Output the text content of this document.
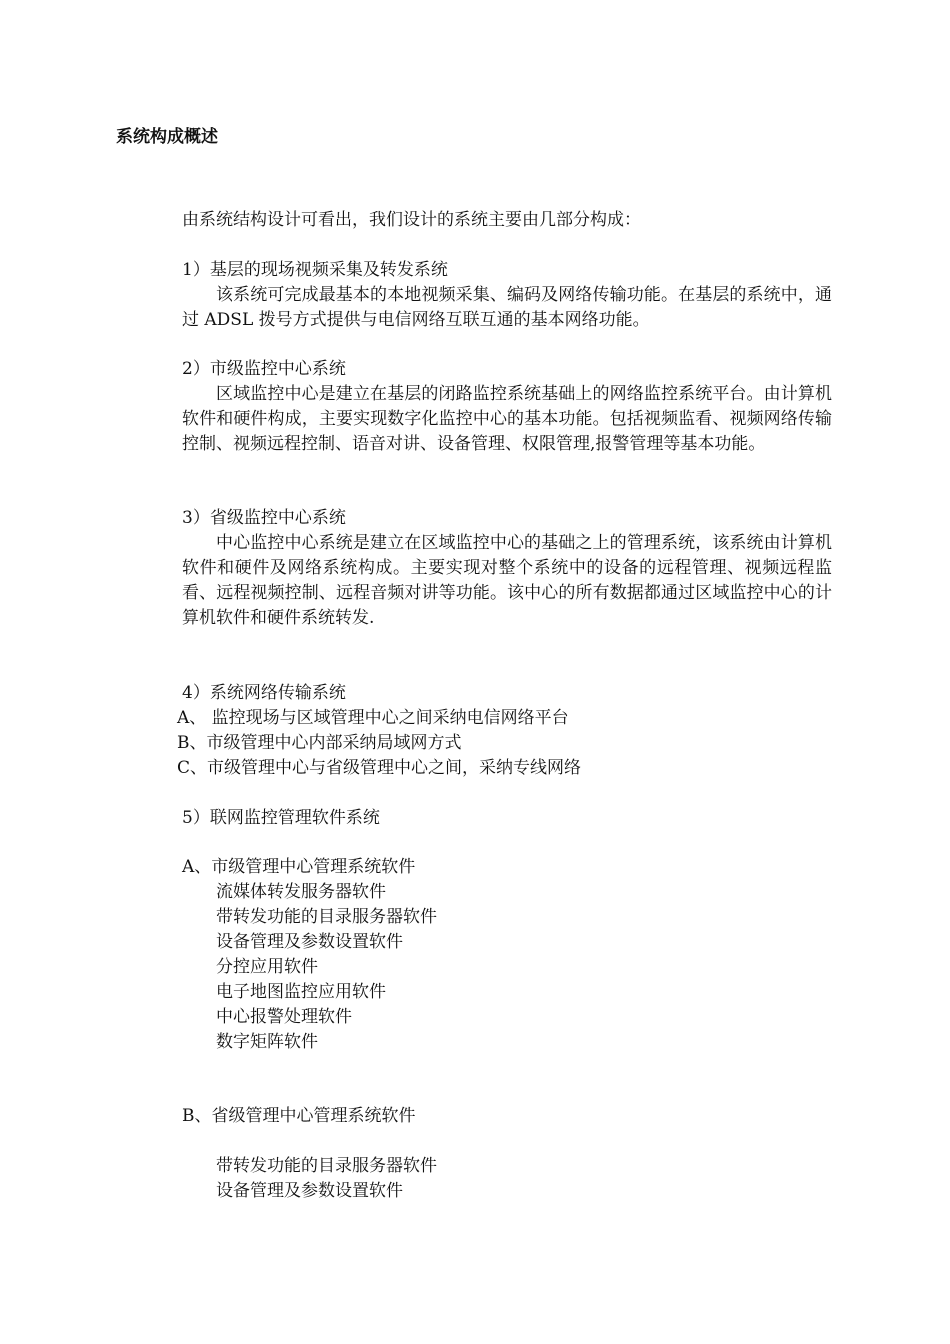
系统构成概述

由系统结构设计可看出，我们设计的系统主要由几部分构成：

1）基层的现场视频采集及转发系统

该系统可完成最基本的本地视频采集、编码及网络传输功能。在基层的系统中，通过 ADSL 拨号方式提供与电信网络互联互通的基本网络功能。

2）市级监控中心系统

区域监控中心是建立在基层的闭路监控系统基础上的网络监控系统平台。由计算机软件和硬件构成，主要实现数字化监控中心的基本功能。包括视频监看、视频网络传输控制、视频远程控制、语音对讲、设备管理、权限管理,报警管理等基本功能。

3）省级监控中心系统

中心监控中心系统是建立在区域监控中心的基础之上的管理系统，该系统由计算机软件和硬件及网络系统构成。主要实现对整个系统中的设备的远程管理、视频远程监看、远程视频控制、远程音频对讲等功能。该中心的所有数据都通过区域监控中心的计算机软件和硬件系统转发.

4）系统网络传输系统

A、 监控现场与区域管理中心之间采纳电信网络平台

B、市级管理中心内部采纳局域网方式

C、市级管理中心与省级管理中心之间，采纳专线网络

5）联网监控管理软件系统

A、市级管理中心管理系统软件

流媒体转发服务器软件

带转发功能的目录服务器软件

设备管理及参数设置软件

分控应用软件

电子地图监控应用软件

中心报警处理软件

数字矩阵软件

B、省级管理中心管理系统软件

带转发功能的目录服务器软件

设备管理及参数设置软件
